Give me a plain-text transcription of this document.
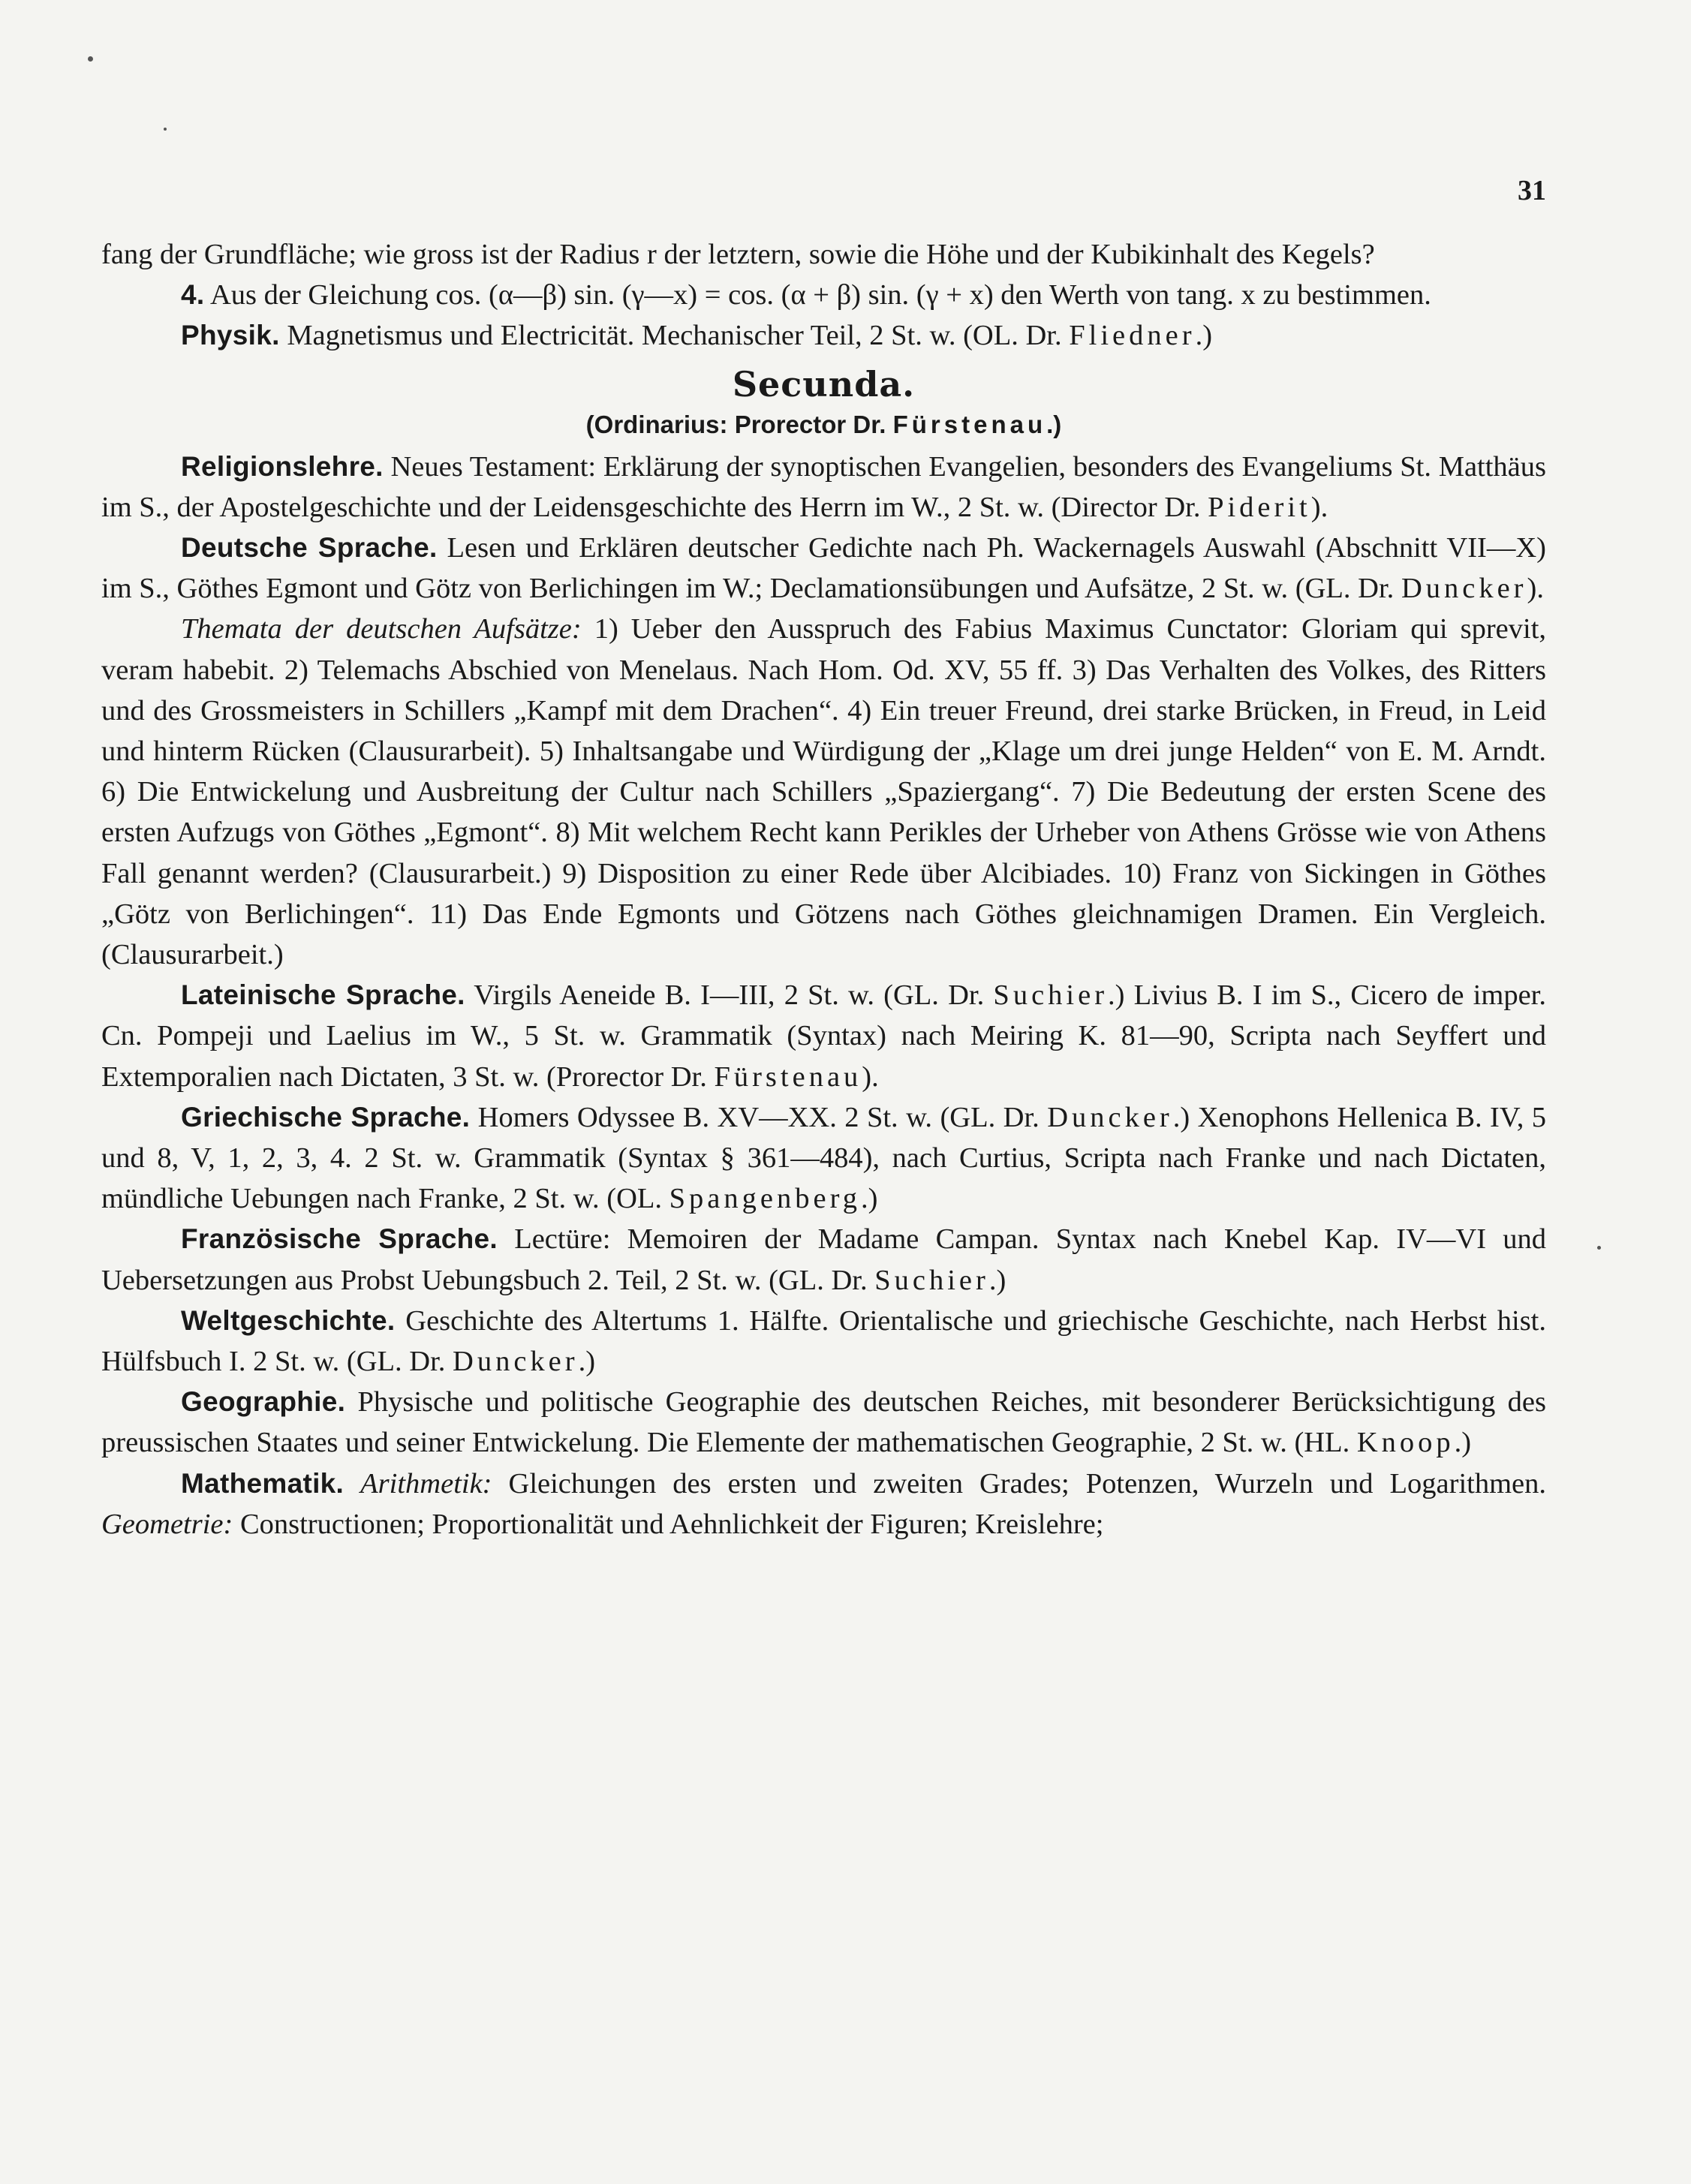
31

fang der Grundfläche; wie gross ist der Radius r der letztern, sowie die Höhe und der Kubikinhalt des Kegels?

4. Aus der Gleichung cos. (α—β) sin. (γ—x) = cos. (α + β) sin. (γ + x) den Werth von tang. x zu bestimmen.

Physik. Magnetismus und Electricität. Mechanischer Teil, 2 St. w. (OL. Dr. Fliedner.)

Secunda.
(Ordinarius: Prorector Dr. Fürstenau.)

Religionslehre. Neues Testament: Erklärung der synoptischen Evangelien, besonders des Evangeliums St. Matthäus im S., der Apostelgeschichte und der Leidensgeschichte des Herrn im W., 2 St. w. (Director Dr. Piderit).

Deutsche Sprache. Lesen und Erklären deutscher Gedichte nach Ph. Wackernagels Auswahl (Abschnitt VII—X) im S., Göthes Egmont und Götz von Berlichingen im W.; Declamationsübungen und Aufsätze, 2 St. w. (GL. Dr. Duncker).

Themata der deutschen Aufsätze: 1) Ueber den Ausspruch des Fabius Maximus Cunctator: Gloriam qui sprevit, veram habebit. 2) Telemachs Abschied von Menelaus. Nach Hom. Od. XV, 55 ff. 3) Das Verhalten des Volkes, des Ritters und des Grossmeisters in Schillers „Kampf mit dem Drachen“. 4) Ein treuer Freund, drei starke Brücken, in Freud, in Leid und hinterm Rücken (Clausurarbeit). 5) Inhaltsangabe und Würdigung der „Klage um drei junge Helden“ von E. M. Arndt. 6) Die Entwickelung und Ausbreitung der Cultur nach Schillers „Spaziergang“. 7) Die Bedeutung der ersten Scene des ersten Aufzugs von Göthes „Egmont“. 8) Mit welchem Recht kann Perikles der Urheber von Athens Grösse wie von Athens Fall genannt werden? (Clausurarbeit.) 9) Disposition zu einer Rede über Alcibiades. 10) Franz von Sickingen in Göthes „Götz von Berlichingen“. 11) Das Ende Egmonts und Götzens nach Göthes gleichnamigen Dramen. Ein Vergleich. (Clausurarbeit.)

Lateinische Sprache. Virgils Aeneide B. I—III, 2 St. w. (GL. Dr. Suchier.) Livius B. I im S., Cicero de imper. Cn. Pompeji und Laelius im W., 5 St. w. Grammatik (Syntax) nach Meiring K. 81—90, Scripta nach Seyffert und Extemporalien nach Dictaten, 3 St. w. (Prorector Dr. Fürstenau).

Griechische Sprache. Homers Odyssee B. XV—XX. 2 St. w. (GL. Dr. Duncker.) Xenophons Hellenica B. IV, 5 und 8, V, 1, 2, 3, 4. 2 St. w. Grammatik (Syntax § 361—484), nach Curtius, Scripta nach Franke und nach Dictaten, mündliche Uebungen nach Franke, 2 St. w. (OL. Spangenberg.)

Französische Sprache. Lectüre: Memoiren der Madame Campan. Syntax nach Knebel Kap. IV—VI und Uebersetzungen aus Probst Uebungsbuch 2. Teil, 2 St. w. (GL. Dr. Suchier.)

Weltgeschichte. Geschichte des Altertums 1. Hälfte. Orientalische und griechische Geschichte, nach Herbst hist. Hülfsbuch I. 2 St. w. (GL. Dr. Duncker.)

Geographie. Physische und politische Geographie des deutschen Reiches, mit besonderer Berücksichtigung des preussischen Staates und seiner Entwickelung. Die Elemente der mathematischen Geographie, 2 St. w. (HL. Knoop.)

Mathematik. Arithmetik: Gleichungen des ersten und zweiten Grades; Potenzen, Wurzeln und Logarithmen. Geometrie: Constructionen; Proportionalität und Aehnlichkeit der Figuren; Kreislehre;
